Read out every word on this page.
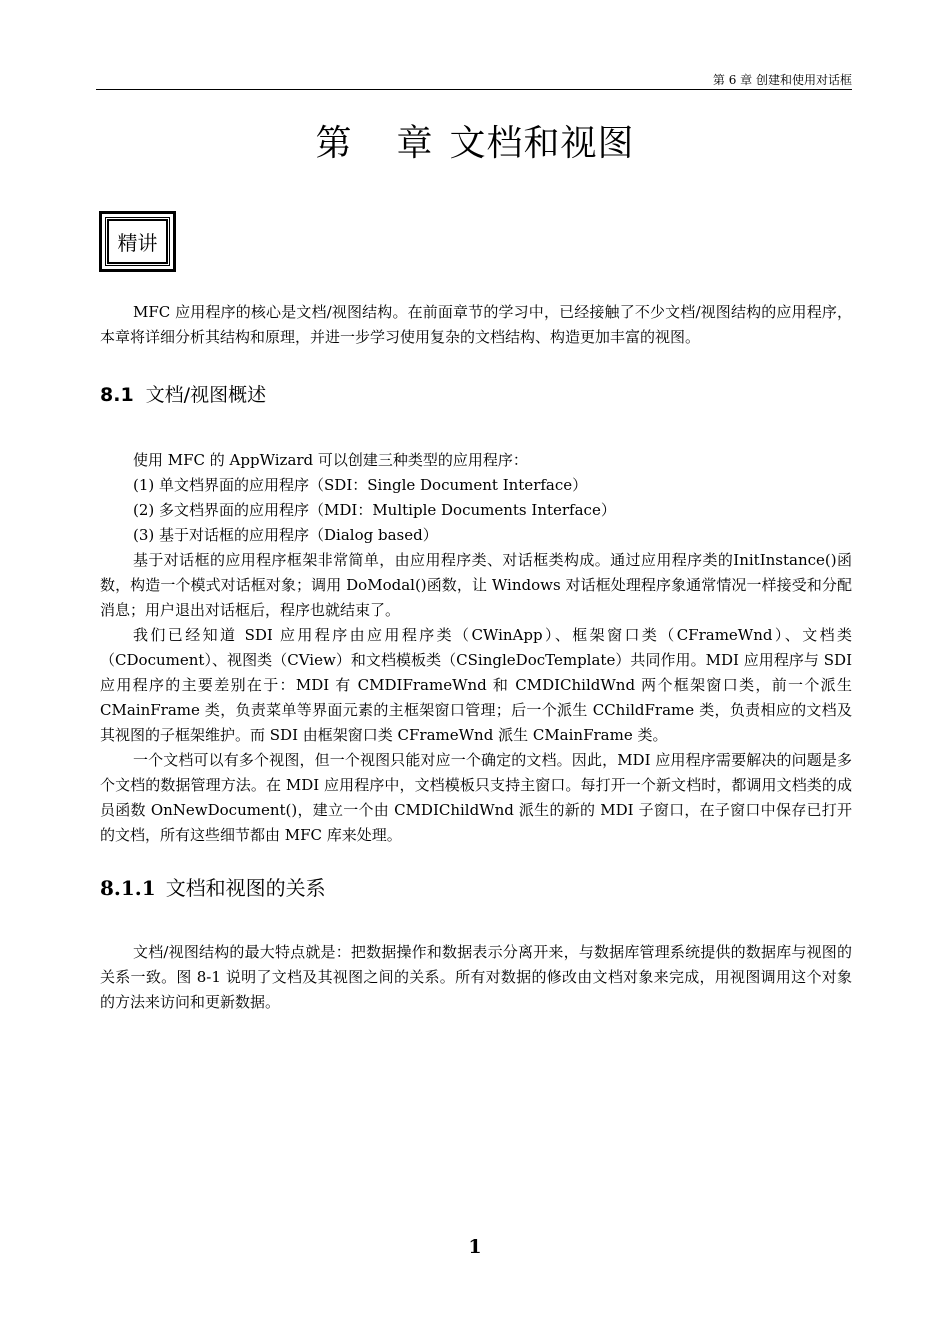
第 6 章 创建和使用对话框
第 章 文档和视图
精讲

MFC 应用程序的核心是文档/视图结构。在前面章节的学习中，已经接触了不少文档/视图结构的应用程序，本章将详细分析其结构和原理，并进一步学习使用复杂的文档结构、构造更加丰富的视图。

8.1 文档/视图概述

使用 MFC 的 AppWizard 可以创建三种类型的应用程序：

(1) 单文档界面的应用程序（SDI：Single Document Interface）

(2) 多文档界面的应用程序（MDI：Multiple Documents Interface）

(3) 基于对话框的应用程序（Dialog based）

基于对话框的应用程序框架非常简单，由应用程序类、对话框类构成。通过应用程序类的InitInstance()函数，构造一个模式对话框对象；调用 DoModal()函数，让 Windows 对话框处理程序象通常情况一样接受和分配消息；用户退出对话框后，程序也就结束了。

我们已经知道 SDI 应用程序由应用程序类（CWinApp）、框架窗口类（CFrameWnd）、文档类（CDocument）、视图类（CView）和文档模板类（CSingleDocTemplate）共同作用。MDI 应用程序与 SDI 应用程序的主要差别在于：MDI 有 CMDIFrameWnd 和 CMDIChildWnd 两个框架窗口类，前一个派生CMainFrame 类，负责菜单等界面元素的主框架窗口管理；后一个派生 CChildFrame 类，负责相应的文档及其视图的子框架维护。而 SDI 由框架窗口类 CFrameWnd 派生 CMainFrame 类。

一个文档可以有多个视图，但一个视图只能对应一个确定的文档。因此，MDI 应用程序需要解决的问题是多个文档的数据管理方法。在 MDI 应用程序中，文档模板只支持主窗口。每打开一个新文档时，都调用文档类的成员函数 OnNewDocument()，建立一个由 CMDIChildWnd 派生的新的 MDI 子窗口，在子窗口中保存已打开的文档，所有这些细节都由 MFC 库来处理。

8.1.1 文档和视图的关系

文档/视图结构的最大特点就是：把数据操作和数据表示分离开来，与数据库管理系统提供的数据库与视图的关系一致。图 8-1 说明了文档及其视图之间的关系。所有对数据的修改由文档对象来完成，用视图调用这个对象的方法来访问和更新数据。

1
